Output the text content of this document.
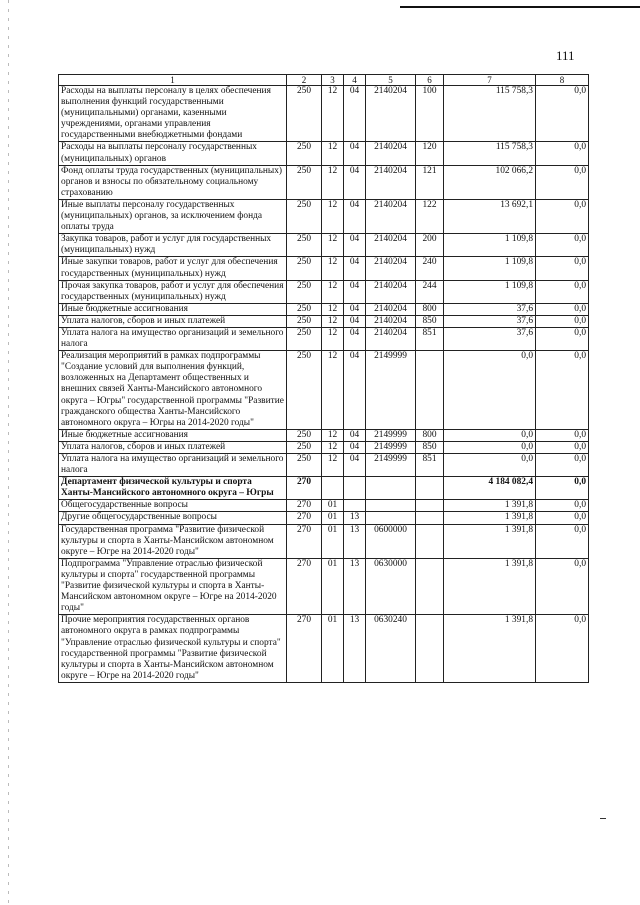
111
1	2	3	4	5	6	7	8
Расходы на выплаты персоналу в целях обеспечения выполнения функций государственными (муниципальными) органами, казенными учреждениями, органами управления государственными внебюджетными фондами	250	12	04	2140204	100	115 758,3	0,0
Расходы на выплаты персоналу государственных (муниципальных) органов	250	12	04	2140204	120	115 758,3	0,0
Фонд оплаты труда государственных (муниципальных) органов и взносы по обязательному социальному страхованию	250	12	04	2140204	121	102 066,2	0,0
Иные выплаты персоналу государственных (муниципальных) органов, за исключением фонда оплаты труда	250	12	04	2140204	122	13 692,1	0,0
Закупка товаров, работ и услуг для государственных (муниципальных) нужд	250	12	04	2140204	200	1 109,8	0,0
Иные закупки товаров, работ и услуг для обеспечения государственных (муниципальных) нужд	250	12	04	2140204	240	1 109,8	0,0
Прочая закупка товаров, работ и услуг для обеспечения государственных (муниципальных) нужд	250	12	04	2140204	244	1 109,8	0,0
Иные бюджетные ассигнования	250	12	04	2140204	800	37,6	0,0
Уплата налогов, сборов и иных платежей	250	12	04	2140204	850	37,6	0,0
Уплата налога на имущество организаций и земельного налога	250	12	04	2140204	851	37,6	0,0
Реализация мероприятий в рамках подпрограммы "Создание условий для выполнения функций, возложенных на Департамент общественных и внешних связей Ханты-Мансийского автономного округа – Югры" государственной программы "Развитие гражданского общества Ханты-Мансийского автономного округа – Югры на 2014-2020 годы"	250	12	04	2149999		0,0	0,0
Иные бюджетные ассигнования	250	12	04	2149999	800	0,0	0,0
Уплата налогов, сборов и иных платежей	250	12	04	2149999	850	0,0	0,0
Уплата налога на имущество организаций и земельного налога	250	12	04	2149999	851	0,0	0,0
Департамент физической культуры и спорта Ханты-Мансийского автономного округа – Югры	270					4 184 082,4	0,0
Общегосударственные вопросы	270	01				1 391,8	0,0
Другие общегосударственные вопросы	270	01	13			1 391,8	0,0
Государственная программа "Развитие физической культуры и спорта в Ханты-Мансийском автономном округе – Югре на 2014-2020 годы"	270	01	13	0600000		1 391,8	0,0
Подпрограмма "Управление отраслью физической культуры и спорта" государственной программы "Развитие физической культуры и спорта в Ханты-Мансийском автономном округе – Югре на 2014-2020 годы"	270	01	13	0630000		1 391,8	0,0
Прочие мероприятия государственных органов автономного округа в рамках подпрограммы "Управление отраслью физической культуры и спорта" государственной программы "Развитие физической культуры и спорта в Ханты-Мансийском автономном округе – Югре на 2014-2020 годы"	270	01	13	0630240		1 391,8	0,0
